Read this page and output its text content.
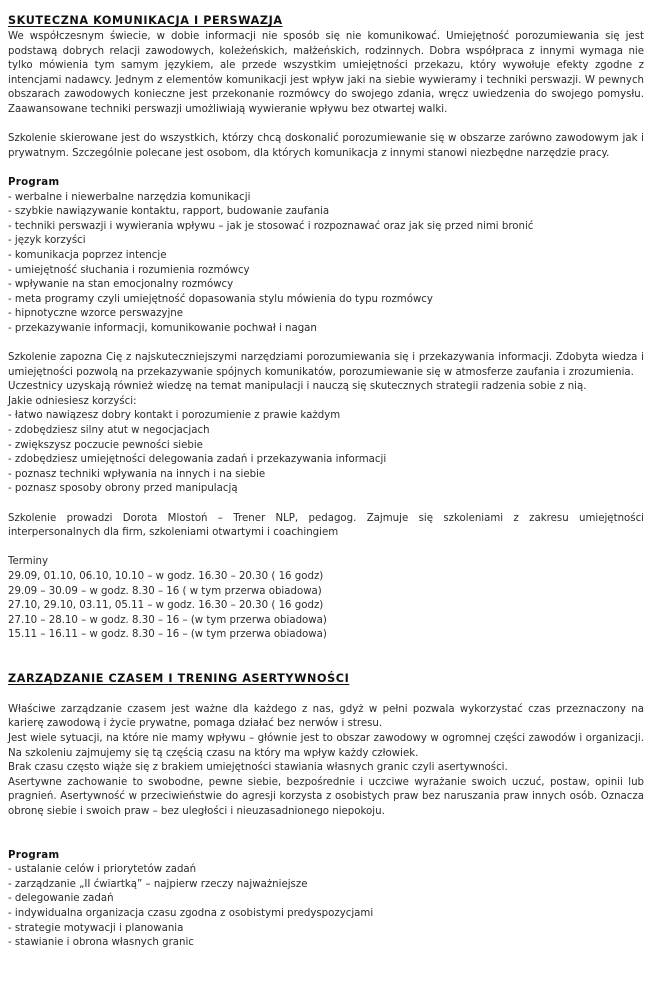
SKUTECZNA KOMUNIKACJA I PERSWAZJA

We współczesnym świecie, w dobie informacji nie sposób się nie komunikować. Umiejętność porozumiewania się jest podstawą dobrych relacji zawodowych, koleżeńskich, małżeńskich, rodzinnych. Dobra współpraca z innymi wymaga nie tylko mówienia tym samym językiem, ale przede wszystkim umiejętności przekazu, który wywołuje efekty zgodne z intencjami nadawcy. Jednym z elementów komunikacji jest wpływ jaki na siebie wywieramy i techniki perswazji. W pewnych obszarach zawodowych konieczne jest przekonanie rozmówcy do swojego zdania, wręcz uwiedzenia do swojego pomysłu. Zaawansowane techniki perswazji umożliwiają wywieranie wpływu bez otwartej walki.

Szkolenie skierowane jest do wszystkich, którzy chcą doskonalić porozumiewanie się w obszarze zarówno zawodowym jak i prywatnym. Szczególnie polecane jest osobom, dla których komunikacja z innymi stanowi niezbędne narzędzie pracy.

Program
- werbalne i niewerbalne narzędzia komunikacji
- szybkie nawiązywanie kontaktu, rapport, budowanie zaufania
- techniki perswazji i wywierania wpływu – jak je stosować i rozpoznawać oraz jak się przed nimi bronić
- język korzyści
- komunikacja poprzez intencje
- umiejętność słuchania i rozumienia rozmówcy
- wpływanie na stan emocjonalny rozmówcy
- meta programy czyli umiejętność dopasowania stylu mówienia do typu rozmówcy
- hipnotyczne wzorce perswazyjne
- przekazywanie informacji, komunikowanie pochwał i nagan

Szkolenie zapozna Cię z najskuteczniejszymi narzędziami porozumiewania się i przekazywania informacji. Zdobyta wiedza i umiejętności pozwolą na przekazywanie spójnych komunikatów, porozumiewanie się w atmosferze zaufania i zrozumienia.

Uczestnicy uzyskają również wiedzę na temat manipulacji i nauczą się skutecznych strategii radzenia sobie z nią.

Jakie odniesiesz korzyści:
- łatwo nawiązesz dobry kontakt i porozumienie z prawie każdym
- zdobędziesz silny atut w negocjacjach
- zwiększysz poczucie pewności siebie
- zdobędziesz umiejętności delegowania zadań i przekazywania informacji
- poznasz techniki wpływania na innych i na siebie
- poznasz sposoby obrony przed manipulacją

Szkolenie prowadzi Dorota Mlostoń – Trener NLP, pedagog. Zajmuje się szkoleniami z zakresu umiejętności interpersonalnych dla firm, szkoleniami otwartymi i coachingiem

Terminy
29.09, 01.10, 06.10, 10.10 – w godz. 16.30 – 20.30 ( 16 godz)
29.09 – 30.09 – w godz. 8.30 – 16 ( w tym przerwa obiadowa)
27.10, 29.10, 03.11, 05.11 – w godz. 16.30 – 20.30 ( 16 godz)
27.10 – 28.10 – w godz. 8.30 – 16 – (w tym przerwa obiadowa)
15.11 – 16.11 – w godz. 8.30 – 16 – (w tym przerwa obiadowa)
ZARZĄDZANIE CZASEM I TRENING ASERTYWNOŚCI

Właściwe zarządzanie czasem jest ważne dla każdego z nas, gdyż w pełni pozwala wykorzystać czas przeznaczony na karierę zawodową i życie prywatne, pomaga działać bez nerwów i stresu.

Jest wiele sytuacji, na które nie mamy wpływu – głównie jest to obszar zawodowy w ogromnej części zawodów i organizacji. Na szkoleniu zajmujemy się tą częścią czasu na który ma wpływ każdy człowiek.

Brak czasu często wiąże się z brakiem umiejętności stawiania własnych granic czyli asertywności.

Asertywne zachowanie to swobodne, pewne siebie, bezpośrednie i uczciwe wyrażanie swoich uczuć, postaw, opinii lub pragnień. Asertywność w przeciwieństwie do agresji korzysta z osobistych praw bez naruszania praw innych osób. Oznacza obronę siebie i swoich praw – bez uległości i nieuzasadnionego niepokoju.

Program
- ustalanie celów i priorytetów zadań
- zarządzanie „II ćwiartką” – najpierw rzeczy najważniejsze
- delegowanie zadań
- indywidualna organizacja czasu zgodna z osobistymi predyspozycjami
- strategie motywacji i planowania
- stawianie i obrona własnych granic
